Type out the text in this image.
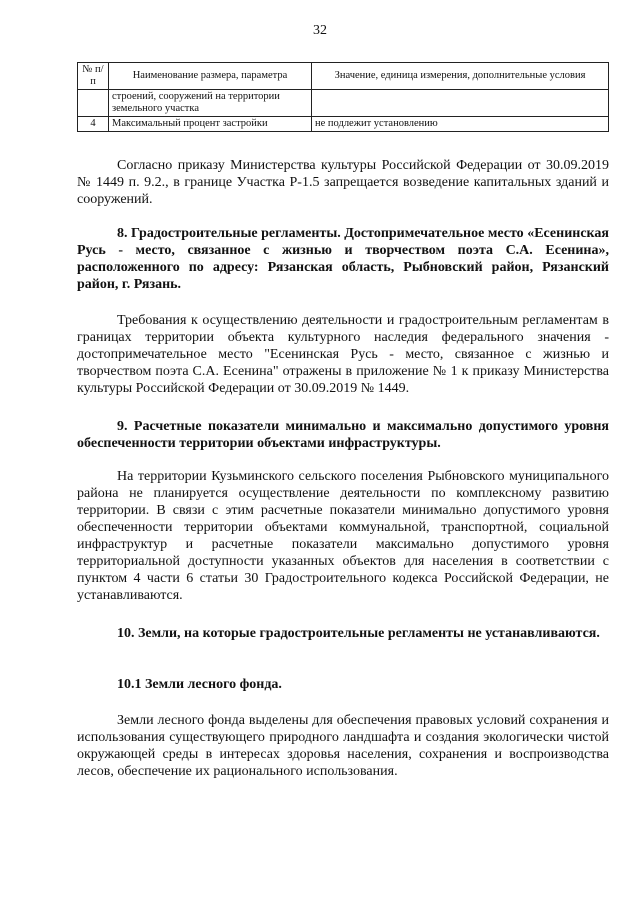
32
№ п/п	Наименование размера, параметра	Значение, единица измерения, дополнительные условия
	строений, сооружений на территории земельного участка	
4	Максимальный процент застройки	не подлежит установлению

Согласно приказу Министерства культуры Российской Федерации от 30.09.2019 № 1449 п. 9.2., в границе Участка Р-1.5 запрещается возведение капитальных зданий и сооружений.

8. Градостроительные регламенты. Достопримечательное место «Есенинская Русь - место, связанное с жизнью и творчеством поэта С.А. Есенина», расположенного по адресу: Рязанская область, Рыбновский район, Рязанский район, г. Рязань.

Требования к осуществлению деятельности и градостроительным регламентам в границах территории объекта культурного наследия федерального значения - достопримечательное место "Есенинская Русь - место, связанное с жизнью и творчеством поэта С.А. Есенина" отражены в приложение № 1 к приказу Министерства культуры Российской Федерации от 30.09.2019 № 1449.

9. Расчетные показатели минимально и максимально допустимого уровня обеспеченности территории объектами инфраструктуры.

На территории Кузьминского сельского поселения Рыбновского муниципального района не планируется осуществление деятельности по комплексному развитию территории. В связи с этим расчетные показатели минимально допустимого уровня обеспеченности территории объектами коммунальной, транспортной, социальной инфраструктур и расчетные показатели максимально допустимого уровня территориальной доступности указанных объектов для населения в соответствии с пунктом 4 части 6 статьи 30 Градостроительного кодекса Российской Федерации, не устанавливаются.

10. Земли, на которые градостроительные регламенты не устанавливаются.

10.1 Земли лесного фонда.

Земли лесного фонда выделены для обеспечения правовых условий сохранения и использования существующего природного ландшафта и создания экологически чистой окружающей среды в интересах здоровья населения, сохранения и воспроизводства лесов, обеспечение их рационального использования.
